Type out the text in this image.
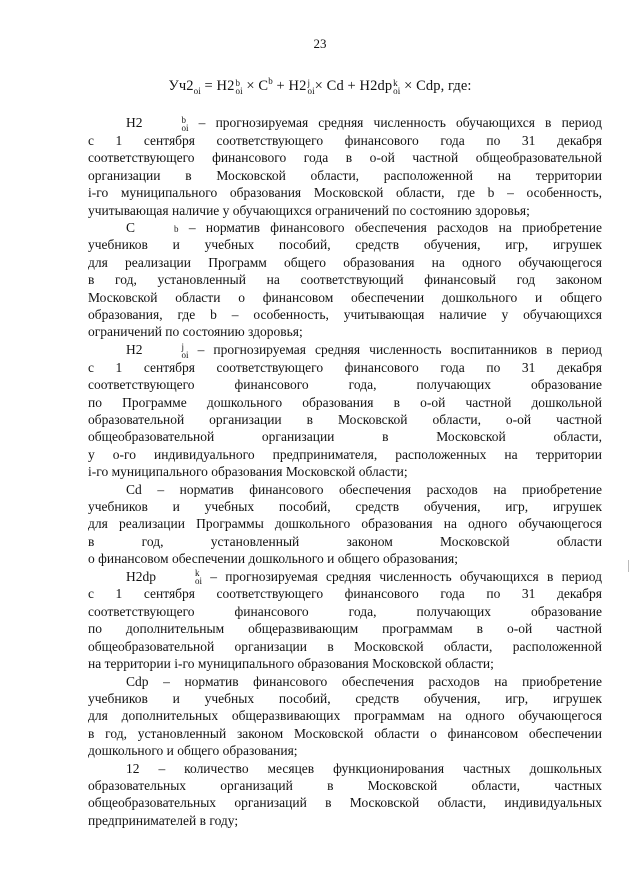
23
$Уч2_{oi} = Н2$ b
oi × $C^b + Н2$ j
oi × Cd + H2dp k
oi × Cdp, где:
Н2	b
oi – прогнозируемая средняя численность обучающихся в период
с 1 сентября соответствующего финансового года по 31 декабря
соответствующего финансового года в о-ой частной общеобразовательной
организации в Московской области, расположенной на территории
i-го муниципального образования Московской области, где b – особенность,
учитывающая наличие у обучающихся ограничений по состоянию здоровья;
C	b – норматив финансового обеспечения расходов на приобретение
учебников и учебных пособий, средств обучения, игр, игрушек
для реализации Программ общего образования на одного обучающегося
в год, установленный на соответствующий финансовый год законом
Московской области о финансовом обеспечении дошкольного и общего
образования, где b – особенность, учитывающая наличие у обучающихся
ограничений по состоянию здоровья;
Н2	j
oi – прогнозируемая средняя численность воспитанников в период
с 1 сентября соответствующего финансового года по 31 декабря
соответствующего финансового года, получающих образование
по Программе дошкольного образования в о-ой частной дошкольной
образовательной организации в Московской области, о-ой частной
общеобразовательной организации в Московской области,
у о-го индивидуального предпринимателя, расположенных на территории
i-го муниципального образования Московской области;
Cd – норматив финансового обеспечения расходов на приобретение
учебников и учебных пособий, средств обучения, игр, игрушек
для реализации Программы дошкольного образования на одного обучающегося
в год, установленный законом Московской области
о финансовом обеспечении дошкольного и общего образования;
H2dp	k
oi – прогнозируемая средняя численность обучающихся в период
с 1 сентября соответствующего финансового года по 31 декабря
соответствующего финансового года, получающих образование
по дополнительным общеразвивающим программам в о-ой частной
общеобразовательной организации в Московской области, расположенной
на территории i-го муниципального образования Московской области;
Cdp – норматив финансового обеспечения расходов на приобретение
учебников и учебных пособий, средств обучения, игр, игрушек
для дополнительных общеразвивающих программам на одного обучающегося
в год, установленный законом Московской области о финансовом обеспечении
дошкольного и общего образования;
12 – количество месяцев функционирования частных дошкольных
образовательных организаций в Московской области, частных
общеобразовательных организаций в Московской области, индивидуальных
предпринимателей в году;
